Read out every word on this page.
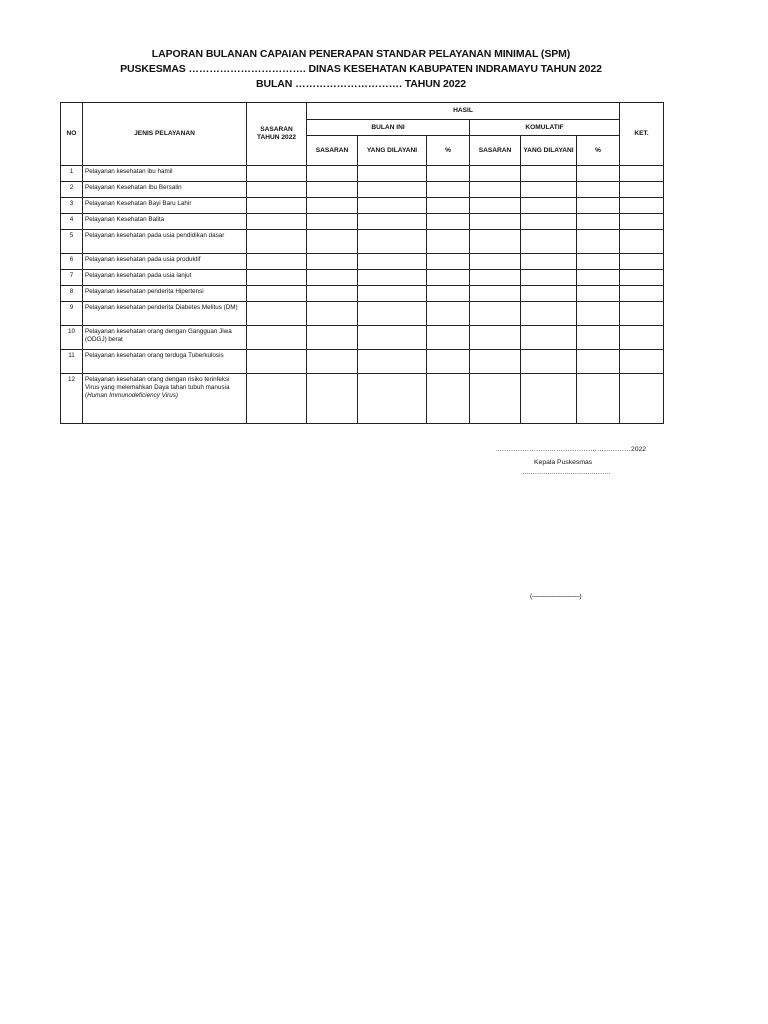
LAPORAN BULANAN CAPAIAN PENERAPAN STANDAR PELAYANAN MINIMAL (SPM)
PUSKESMAS ……………………………. DINAS KESEHATAN KABUPATEN INDRAMAYU TAHUN 2022
BULAN …………………………. TAHUN 2022
NO	JENIS PELAYANAN	SASARAN TAHUN 2022	HASIL						KET.
			BULAN INI			KOMULATIF			
			SASARAN	YANG DILAYANI	%	SASARAN	YANG DILAYANI	%	
1	Pelayanan kesehatan ibu hamil								
2	Pelayanan Kesehatan Ibu Bersalin								
3	Pelayanan Kesehatan Bayi Baru Lahir								
4	Pelayanan Kesehatan Balita								
5	Pelayanan kesehatan pada usia pendidikan dasar								
6	Pelayanan kesehatan pada usia produktif								
7	Pelayanan kesehatan pada usia lanjut								
8	Pelayanan kesehatan penderita Hipertensi								
9	Pelayanan kesehatan penderita Diabetes Melitus (DM)								
10	Pelayanan kesehatan orang dengan Gangguan Jiwa (ODGJ) berat								
11	Pelayanan kesehatan orang terduga Tuberkulosis								
12	Pelayanan kesehatan orang dengan risiko terinfeksi Virus yang melemahkan Daya tahan tubuh manusia (Human Immunodeficiency Virus)								
……………………………………………………2022
Kepala Puskesmas
……………………………………
(---------------------------)
